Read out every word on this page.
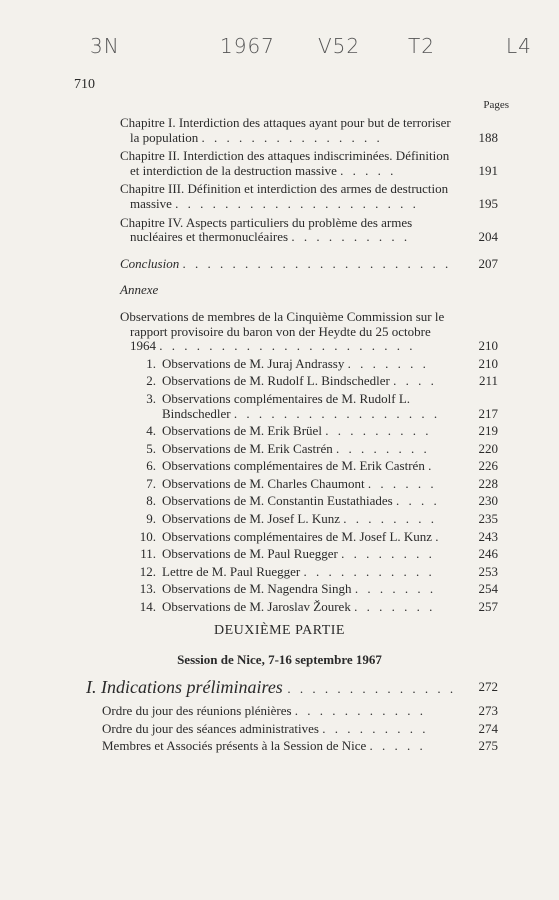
3N	1967 V52 T2	L4
710
Pages
Chapitre I. Interdiction des attaques ayant pour but de terroriser la population . . . . . . . . . . . . . . .	188
Chapitre II. Interdiction des attaques indiscriminées. Définition et interdiction de la destruction massive . . . . .	191
Chapitre III. Définition et interdiction des armes de destruction massive . . . . . . . . . . . . . . . . . . . .	195
Chapitre IV. Aspects particuliers du problème des armes nucléaires et thermonucléaires . . . . . . . . . .	204
Conclusion . . . . . . . . . . . . . . . . . . . . . .	207
Annexe
Observations de membres de la Cinquième Commission sur le rapport provisoire du baron von der Heydte du 25 octobre 1964 . . . . . . . . . . . . . . . . . . . . .	210
1. Observations de M. Juraj Andrassy . . . . . . .	210
2. Observations de M. Rudolf L. Bindschedler . . . .	211
3. Observations complémentaires de M. Rudolf L. Bindschedler . . . . . . . . . . . . . . . . .	217
4. Observations de M. Erik Brüel . . . . . . . . .	219
5. Observations de M. Erik Castrén . . . . . . . .	220
6. Observations complémentaires de M. Erik Castrén .	226
7. Observations de M. Charles Chaumont . . . . . .	228
8. Observations de M. Constantin Eustathiades . . . .	230
9. Observations de M. Josef L. Kunz . . . . . . . .	235
10. Observations complémentaires de M. Josef L. Kunz .	243
11. Observations de M. Paul Ruegger . . . . . . . .	246
12. Lettre de M. Paul Ruegger . . . . . . . . . . .	253
13. Observations de M. Nagendra Singh . . . . . . .	254
14. Observations de M. Jaroslav Žourek . . . . . . .	257
DEUXIÈME PARTIE
Session de Nice, 7-16 septembre 1967
I. Indications préliminaires . . . . . . . . . . . . . . 272
Ordre du jour des réunions plénières . . . . . . . . . . .	273
Ordre du jour des séances administratives . . . . . . . . .	274
Membres et Associés présents à la Session de Nice . . . . .	275
